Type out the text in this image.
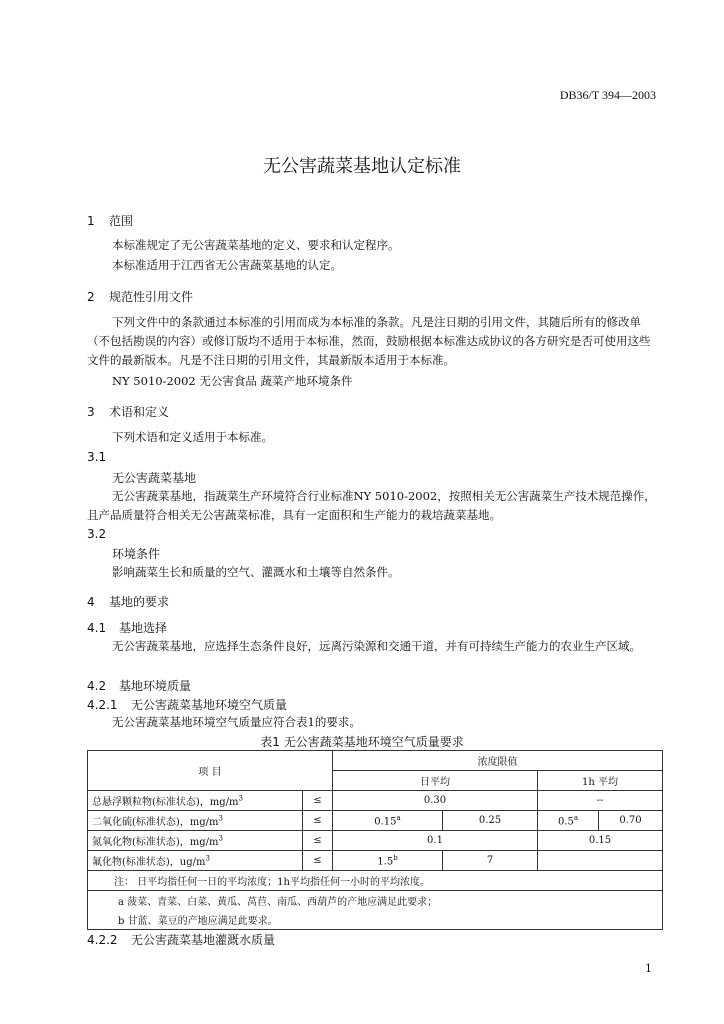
DB36/T 394—2003
无公害蔬菜基地认定标准
1 范围
本标准规定了无公害蔬菜基地的定义、要求和认定程序。
本标准适用于江西省无公害蔬菜基地的认定。
2 规范性引用文件
下列文件中的条款通过本标准的引用而成为本标准的条款。凡是注日期的引用文件，其随后所有的修改单（不包括勘误的内容）或修订版均不适用于本标准，然而，鼓励根据本标准达成协议的各方研究是否可使用这些文件的最新版本。凡是不注日期的引用文件，其最新版本适用于本标准。
NY 5010-2002 无公害食品 蔬菜产地环境条件
3 术语和定义
下列术语和定义适用于本标准。
3.1
无公害蔬菜基地
无公害蔬菜基地，指蔬菜生产环境符合行业标准NY 5010-2002，按照相关无公害蔬菜生产技术规范操作，且产品质量符合相关无公害蔬菜标准，具有一定面积和生产能力的栽培蔬菜基地。
3.2
环境条件
影响蔬菜生长和质量的空气、灌溉水和土壤等自然条件。
4 基地的要求
4.1 基地选择
无公害蔬菜基地，应选择生态条件良好，远离污染源和交通干道，并有可持续生产能力的农业生产区域。
4.2 基地环境质量
4.2.1 无公害蔬菜基地环境空气质量
无公害蔬菜基地环境空气质量应符合表1的要求。
表1 无公害蔬菜基地环境空气质量要求
项 目		浓度限值			
		日平均		1h 平均	
总悬浮颗粒物(标准状态)，$mg/m^3$	≤	0.30		--	
二氧化硫(标准状态)，$mg/m^3$	≤	0.15$^a$	0.25	0.5$^a$	0.70
氮氧化物(标准状态)，$mg/m^3$	≤	0.1		0.15	
氟化物(标准状态)，$ug/m^3$	≤	1.5$^b$	7		
注： 日平均指任何一日的平均浓度；1h平均指任何一小时的平均浓度。					
a 菠菜、青菜、白菜、黄瓜、莴苣、南瓜、西葫芦的产地应满足此要求；					
b 甘蓝、菜豆的产地应满足此要求。					
4.2.2 无公害蔬菜基地灌溉水质量
1
